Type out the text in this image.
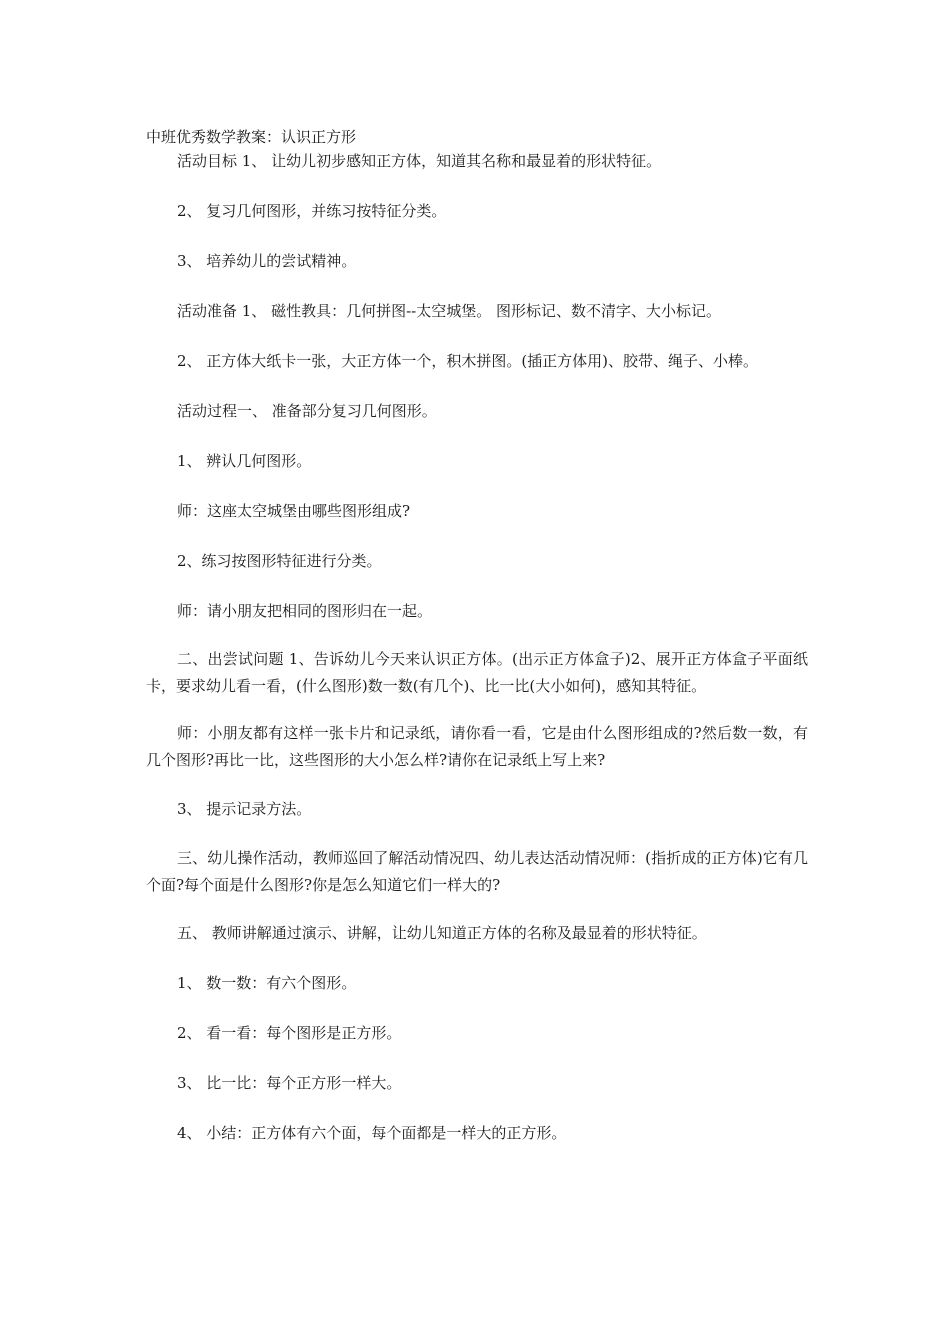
中班优秀数学教案：认识正方形
活动目标 1、 让幼儿初步感知正方体，知道其名称和最显着的形状特征。
2、 复习几何图形，并练习按特征分类。
3、 培养幼儿的尝试精神。
活动准备 1、 磁性教具：几何拼图--太空城堡。 图形标记、数不清字、大小标记。
2、 正方体大纸卡一张，大正方体一个，积木拼图。(插正方体用)、胶带、绳子、小棒。
活动过程一、 准备部分复习几何图形。
1、 辨认几何图形。
师：这座太空城堡由哪些图形组成?
2、练习按图形特征进行分类。
师：请小朋友把相同的图形归在一起。
二、出尝试问题 1、告诉幼儿今天来认识正方体。(出示正方体盒子)2、展开正方体盒子平面纸卡，要求幼儿看一看，(什么图形)数一数(有几个)、比一比(大小如何)，感知其特征。
师：小朋友都有这样一张卡片和记录纸，请你看一看，它是由什么图形组成的?然后数一数，有几个图形?再比一比，这些图形的大小怎么样?请你在记录纸上写上来?
3、 提示记录方法。
三、幼儿操作活动，教师巡回了解活动情况四、幼儿表达活动情况师：(指折成的正方体)它有几个面?每个面是什么图形?你是怎么知道它们一样大的?
五、 教师讲解通过演示、讲解，让幼儿知道正方体的名称及最显着的形状特征。
1、 数一数：有六个图形。
2、 看一看：每个图形是正方形。
3、 比一比：每个正方形一样大。
4、 小结：正方体有六个面，每个面都是一样大的正方形。
